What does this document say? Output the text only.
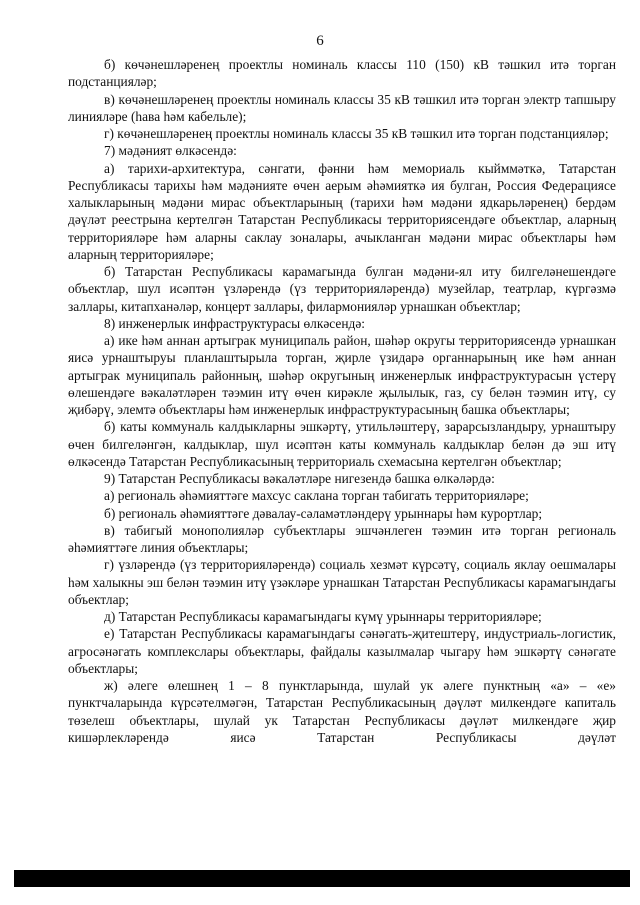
6

б) көчәнешләренең проектлы номиналь классы 110 (150) кВ тәшкил итә торган подстанцияләр;

в) көчәнешләренең проектлы номиналь классы 35 кВ тәшкил итә торган электр тапшыру линияләре (һава һәм кабельле);

г) көчәнешләренең проектлы номиналь классы 35 кВ тәшкил итә торган подстанцияләр;

7) мәдәният өлкәсендә:

а) тарихи-архитектура, сәнгати, фәнни һәм мемориаль кыйммәткә, Татарстан Республикасы тарихы һәм мәдәнияте өчен аерым әһәмияткә ия булган, Россия Федерациясе халыкларының мәдәни мирас объектларының (тарихи һәм мәдәни ядкарьләренең) бердәм дәүләт реестрына кертелгән Татарстан Республикасы территориясендәге объектлар, аларның территорияләре һәм аларны саклау зоналары, ачыкланган мәдәни мирас объектлары һәм аларның территорияләре;

б) Татарстан Республикасы карамагында булган мәдәни-ял иту билгеләнешендәге объектлар, шул исәптән үзләрендә (үз территорияләрендә) музейлар, театрлар, күргәзмә заллары, китапханәләр, концерт заллары, филармонияләр урнашкан объектлар;

8) инженерлык инфраструктурасы өлкәсендә:

а) ике һәм аннан артыграк муниципаль район, шәһәр округы территориясендә урнашкан яисә урнаштыруы планлаштырыла торган, җирле үзидарә органнарының ике һәм аннан артыграк муниципаль районның, шәһәр округының инженерлык инфраструктурасын үстерү өлешендәге вәкаләтләрен тәэмин итү өчен кирәкле җылылык, газ, су белән тәэмин итү, су җибәрү, элемтә объектлары һәм инженерлык инфраструктурасының башка объектлары;

б) каты коммуналь калдыкларны эшкәртү, утильләштерү, зарарсызландыру, урнаштыру өчен билгеләнгән, калдыклар, шул исәптән каты коммуналь калдыклар белән дә эш итү өлкәсендә Татарстан Республикасының территориаль схемасына кертелгән объектлар;

9) Татарстан Республикасы вәкаләтләре нигезендә башка өлкәләрдә:

а) региональ әһәмияттәге махсус саклана торган табигать территорияләре;

б) региональ әһәмияттәге дәвалау-сәламәтләндерү урыннары һәм курортлар;

в) табигый монополияләр субъектлары эшчәнлеген тәэмин итә торган региональ әһәмияттәге линия объектлары;

г) үзләрендә (үз территорияләрендә) социаль хезмәт күрсәтү, социаль яклау оешмалары һәм халыкны эш белән тәэмин итү үзәкләре урнашкан Татарстан Республикасы карамагындагы объектлар;

д) Татарстан Республикасы карамагындагы күмү урыннары территорияләре;

е) Татарстан Республикасы карамагындагы сәнәгать-җитештерү, индустриаль-логистик, агросәнәгать комплекслары объектлары, файдалы казылмалар чыгару һәм эшкәртү сәнәгате объектлары;

ж) әлеге өлешнең 1 – 8 пунктларында, шулай ук әлеге пунктның «а» – «е» пунктчаларында күрсәтелмәгән, Татарстан Республикасының дәүләт милкендәге капиталь төзелеш объектлары, шулай ук Татарстан Республикасы дәүләт милкендәге җир кишәрлекләрендә яисә Татарстан Республикасы дәүләт
